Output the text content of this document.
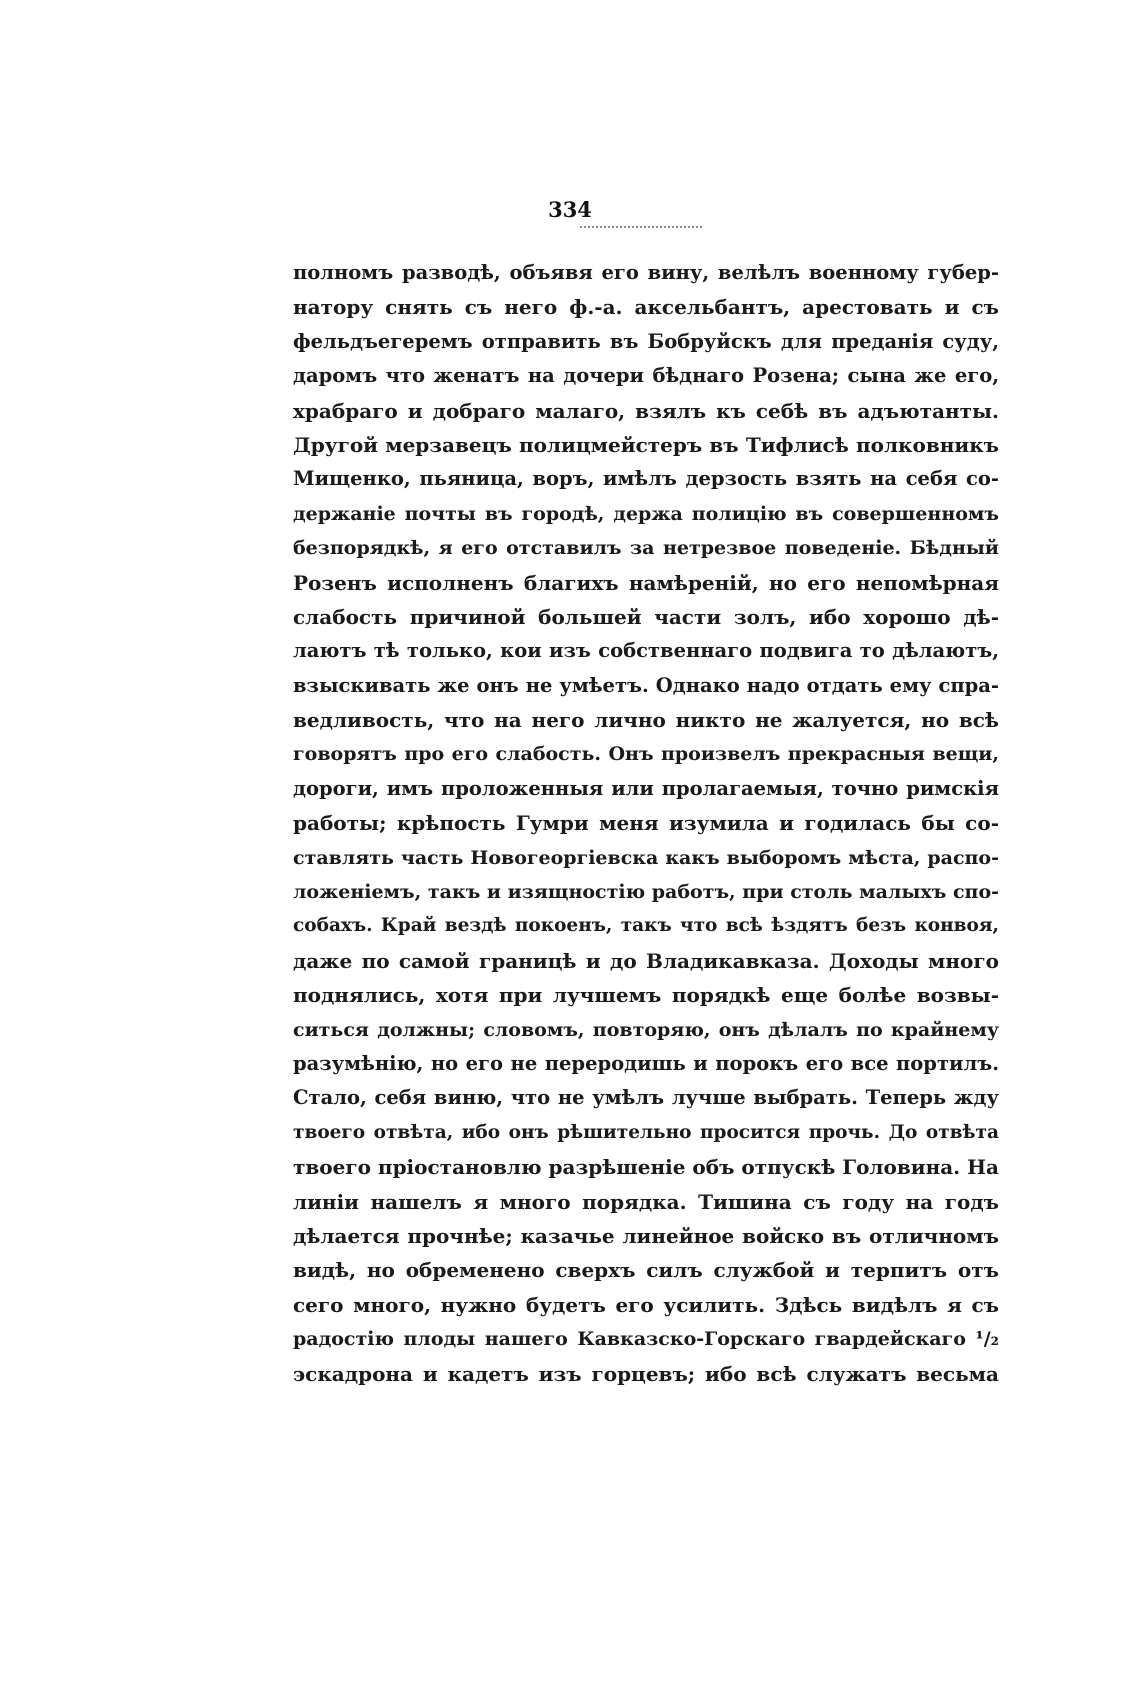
334
полномъ разводѣ, объявя его вину, велѣлъ военному губер-
натору снять съ него ф.-а. аксельбантъ, арестовать и съ
фельдъегеремъ отправить въ Бобруйскъ для преданія суду,
даромъ что женатъ на дочери бѣднаго Розена; сына же его,
храбраго и добраго малаго, взялъ къ себѣ въ адъютанты.
Другой мерзавецъ полицмейстеръ въ Тифлисѣ полковникъ
Мищенко, пьяница, воръ, имѣлъ дерзость взять на себя со-
держаніе почты въ городѣ, держа полицію въ совершенномъ
безпорядкѣ, я его отставилъ за нетрезвое поведеніе. Бѣдный
Розенъ исполненъ благихъ намѣреній, но его непомѣрная
слабость причиной большей части золъ, ибо хорошо дѣ-
лаютъ тѣ только, кои изъ собственнаго подвига то дѣлаютъ,
взыскивать же онъ не умѣетъ. Однако надо отдать ему спра-
ведливость, что на него лично никто не жалуется, но всѣ
говорятъ про его слабость. Онъ произвелъ прекрасныя вещи,
дороги, имъ проложенныя или пролагаемыя, точно римскія
работы; крѣпость Гумри меня изумила и годилась бы со-
ставлять часть Новогеоргіевска какъ выборомъ мѣста, распо-
ложеніемъ, такъ и изящностію работъ, при столь малыхъ спо-
собахъ. Край вездѣ покоенъ, такъ что всѣ ѣздятъ безъ конвоя,
даже по самой границѣ и до Владикавказа. Доходы много
поднялись, хотя при лучшемъ порядкѣ еще болѣе возвы-
ситься должны; словомъ, повторяю, онъ дѣлалъ по крайнему
разумѣнію, но его не переродишь и порокъ его все портилъ.
Стало, себя виню, что не умѣлъ лучше выбрать. Теперь жду
твоего отвѣта, ибо онъ рѣшительно просится прочь. До отвѣта
твоего пріостановлю разрѣшеніе объ отпускѣ Головина. На
линіи нашелъ я много порядка. Тишина съ году на годъ
дѣлается прочнѣе; казачье линейное войско въ отличномъ
видѣ, но обременено сверхъ силъ службой и терпитъ отъ
сего много, нужно будетъ его усилить. Здѣсь видѣлъ я съ
радостію плоды нашего Кавказско-Горскаго гвардейскаго ¹/₂
эскадрона и кадетъ изъ горцевъ; ибо всѣ служатъ весьма
